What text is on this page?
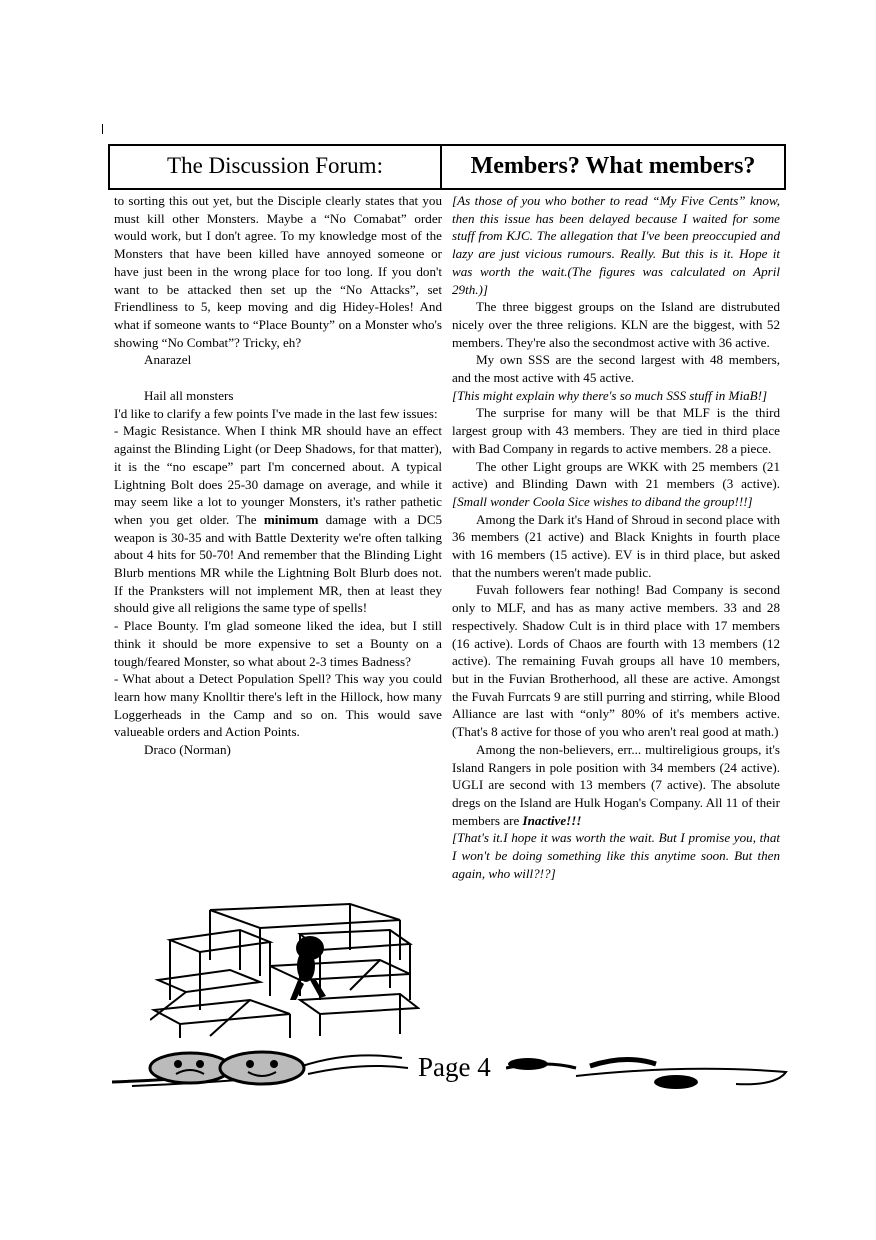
The Discussion Forum:	Members? What members?

to sorting this out yet, but the Disciple clearly states that you must kill other Monsters. Maybe a “No Comabat” order would work, but I don't agree. To my knowledge most of the Monsters that have been killed have annoyed someone or have just been in the wrong place for too long. If you don't want to be attacked then set up the “No Attacks”, set Friendliness to 5, keep moving and dig Hidey-Holes! And what if someone wants to “Place Bounty” on a Monster who's showing “No Combat”? Tricky, eh?

Anarazel

Hail all monsters

I'd like to clarify a few points I've made in the last few issues:

- Magic Resistance. When I think MR should have an effect against the Blinding Light (or Deep Shadows, for that matter), it is the “no escape” part I'm concerned about. A typical Lightning Bolt does 25-30 damage on average, and while it may seem like a lot to younger Monsters, it's rather pathetic when you get older. The minimum damage with a DC5 weapon is 30-35 and with Battle Dexterity we're often talking about 4 hits for 50-70! And remember that the Blinding Light Blurb mentions MR while the Lightning Bolt Blurb does not. If the Pranksters will not implement MR, then at least they should give all religions the same type of spells!

- Place Bounty. I'm glad someone liked the idea, but I still think it should be more expensive to set a Bounty on a tough/feared Monster, so what about 2-3 times Badness?

- What about a Detect Population Spell? This way you could learn how many Knolltir there's left in the Hillock, how many Loggerheads in the Camp and so on. This would save valueable orders and Action Points.

Draco (Norman)

[As those of you who bother to read “My Five Cents” know, then this issue has been delayed because I waited for some stuff from KJC. The allegation that I've been preoccupied and lazy are just vicious rumours. Really. But this is it. Hope it was worth the wait.(The figures was calculated on April 29th.)]

The three biggest groups on the Island are distrubuted nicely over the three religions. KLN are the biggest, with 52 members. They're also the secondmost active with 36 active.

My own SSS are the second largest with 48 members, and the most active with 45 active.

[This might explain why there's so much SSS stuff in MiaB!]

The surprise for many will be that MLF is the third largest group with 43 members. They are tied in third place with Bad Company in regards to active members. 28 a piece.

The other Light groups are WKK with 25 members (21 active) and Blinding Dawn with 21 members (3 active). [Small wonder Coola Sice wishes to diband the group!!!]

Among the Dark it's Hand of Shroud in second place with 36 members (21 active) and Black Knights in fourth place with 16 members (15 active). EV is in third place, but asked that the numbers weren't made public.

Fuvah followers fear nothing! Bad Company is second only to MLF, and has as many active members. 33 and 28 respectively. Shadow Cult is in third place with 17 members (16 active). Lords of Chaos are fourth with 13 members (12 active). The remaining Fuvah groups all have 10 members, but in the Fuvian Brotherhood, all these are active. Amongst the Fuvah Furrcats 9 are still purring and stirring, while Blood Alliance are last with “only” 80% of it's members active. (That's 8 active for those of you who aren't real good at math.)

Among the non-believers, err... multireligious groups, it's Island Rangers in pole position with 34 members (24 active). UGLI are second with 13 members (7 active). The absolute dregs on the Island are Hulk Hogan's Company. All 11 of their members are Inactive!!!

[That's it.I hope it was worth the wait. But I promise you, that I won't be doing something like this anytime soon. But then again, who will?!?]

Page 4
